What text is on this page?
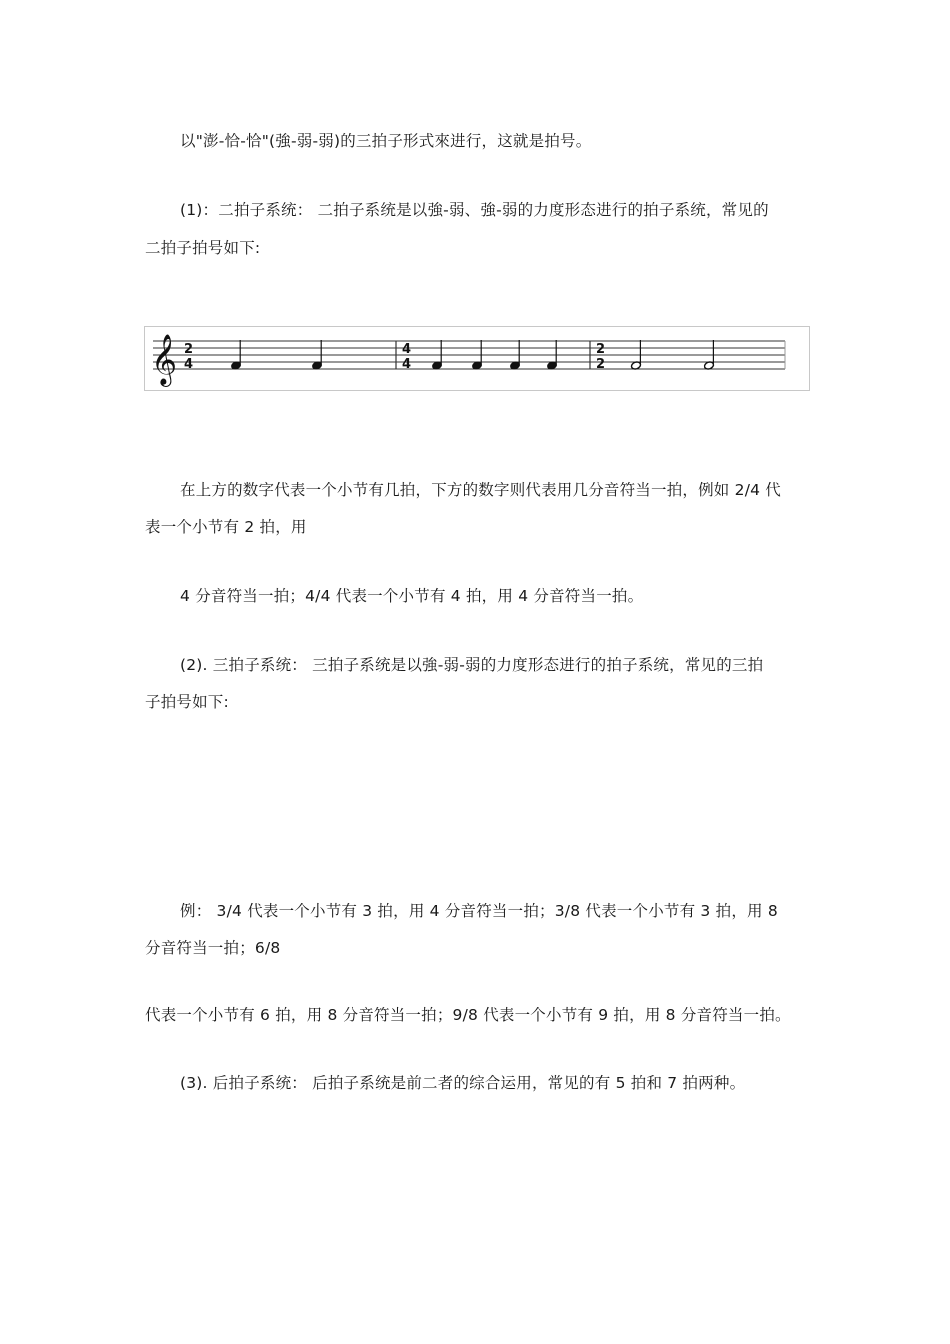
以"澎-恰-恰"(強-弱-弱)的三拍子形式來进行，这就是拍号。
(1)：二拍子系统： 二拍子系统是以強-弱、強-弱的力度形态进行的拍子系统，常见的
二拍子拍号如下:
𝄞 2
4
4
4
2
2
在上方的数字代表一个小节有几拍，下方的数字则代表用几分音符当一拍，例如 2/4 代
表一个小节有 2 拍，用
4 分音符当一拍；4/4 代表一个小节有 4 拍，用 4 分音符当一拍。
(2). 三拍子系统： 三拍子系统是以強-弱-弱的力度形态进行的拍子系统，常见的三拍
子拍号如下:
例： 3/4 代表一个小节有 3 拍，用 4 分音符当一拍；3/8 代表一个小节有 3 拍，用 8
分音符当一拍；6/8
代表一个小节有 6 拍，用 8 分音符当一拍；9/8 代表一个小节有 9 拍，用 8 分音符当一拍。
(3). 后拍子系统： 后拍子系统是前二者的综合运用，常见的有 5 拍和 7 拍两种。
